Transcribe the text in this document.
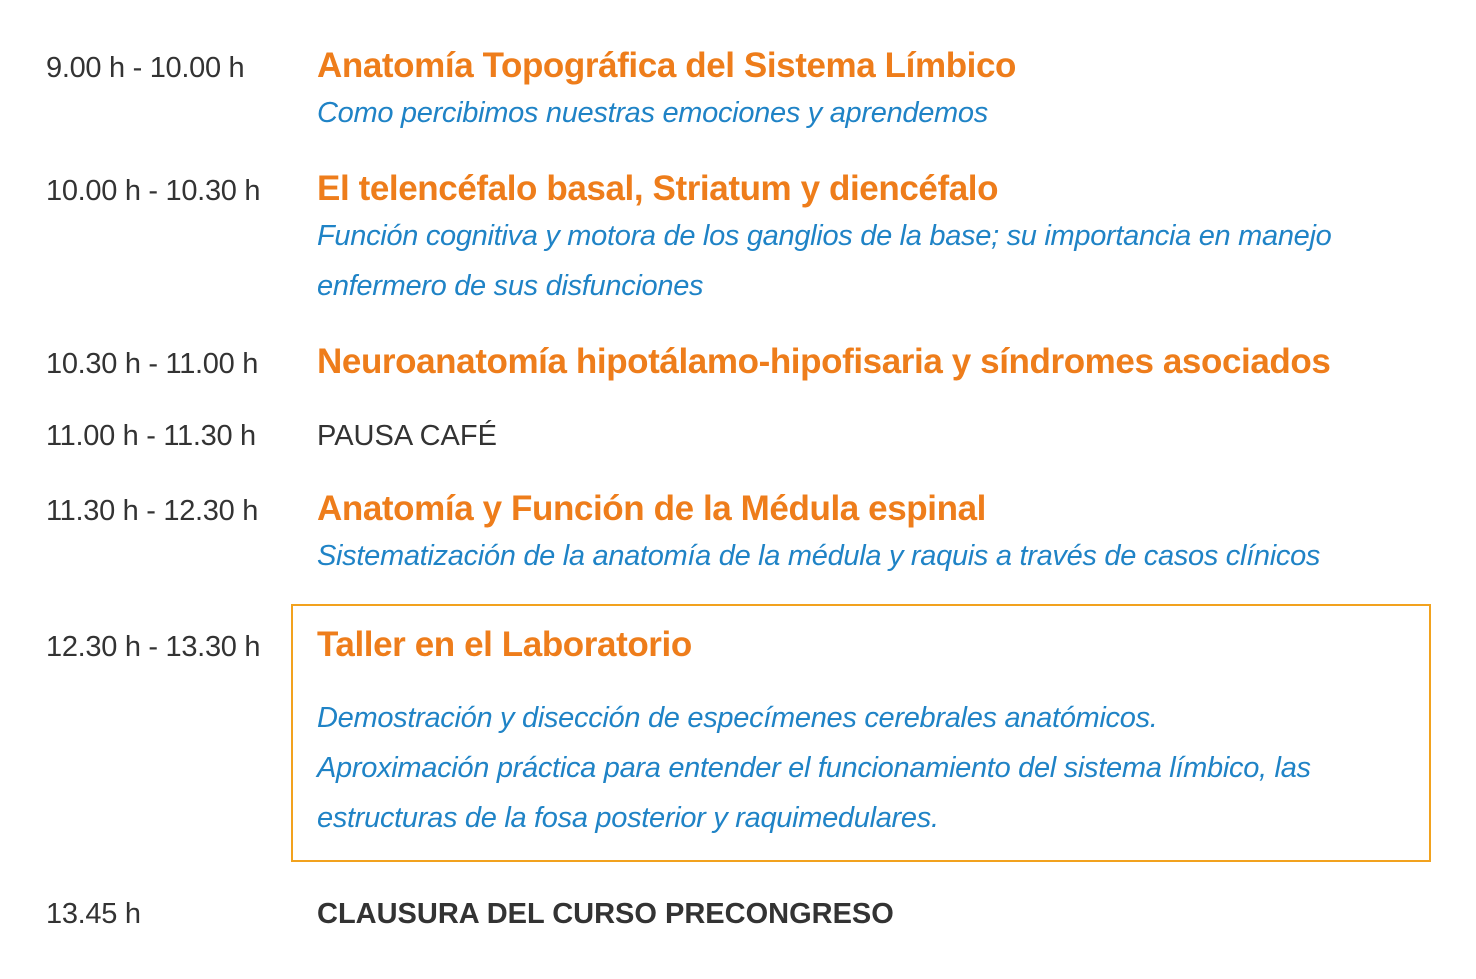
9.00 h - 10.00 h Anatomía Topográfica del Sistema Límbico
Como percibimos nuestras emociones y aprendemos
10.00 h - 10.30 h El telencéfalo basal, Striatum y diencéfalo
Función cognitiva y motora de los ganglios de la base; su importancia en manejo
enfermero de sus disfunciones
10.30 h - 11.00 h Neuroanatomía hipotálamo-hipofisaria y síndromes asociados
11.00 h - 11.30 h PAUSA CAFÉ
11.30 h - 12.30 h Anatomía y Función de la Médula espinal
Sistematización de la anatomía de la médula y raquis a través de casos clínicos
12.30 h - 13.30 h Taller en el Laboratorio
Demostración y disección de especímenes cerebrales anatómicos.
Aproximación práctica para entender el funcionamiento del sistema límbico, las
estructuras de la fosa posterior y raquimedulares.
13.45 h	CLAUSURA DEL CURSO PRECONGRESO
